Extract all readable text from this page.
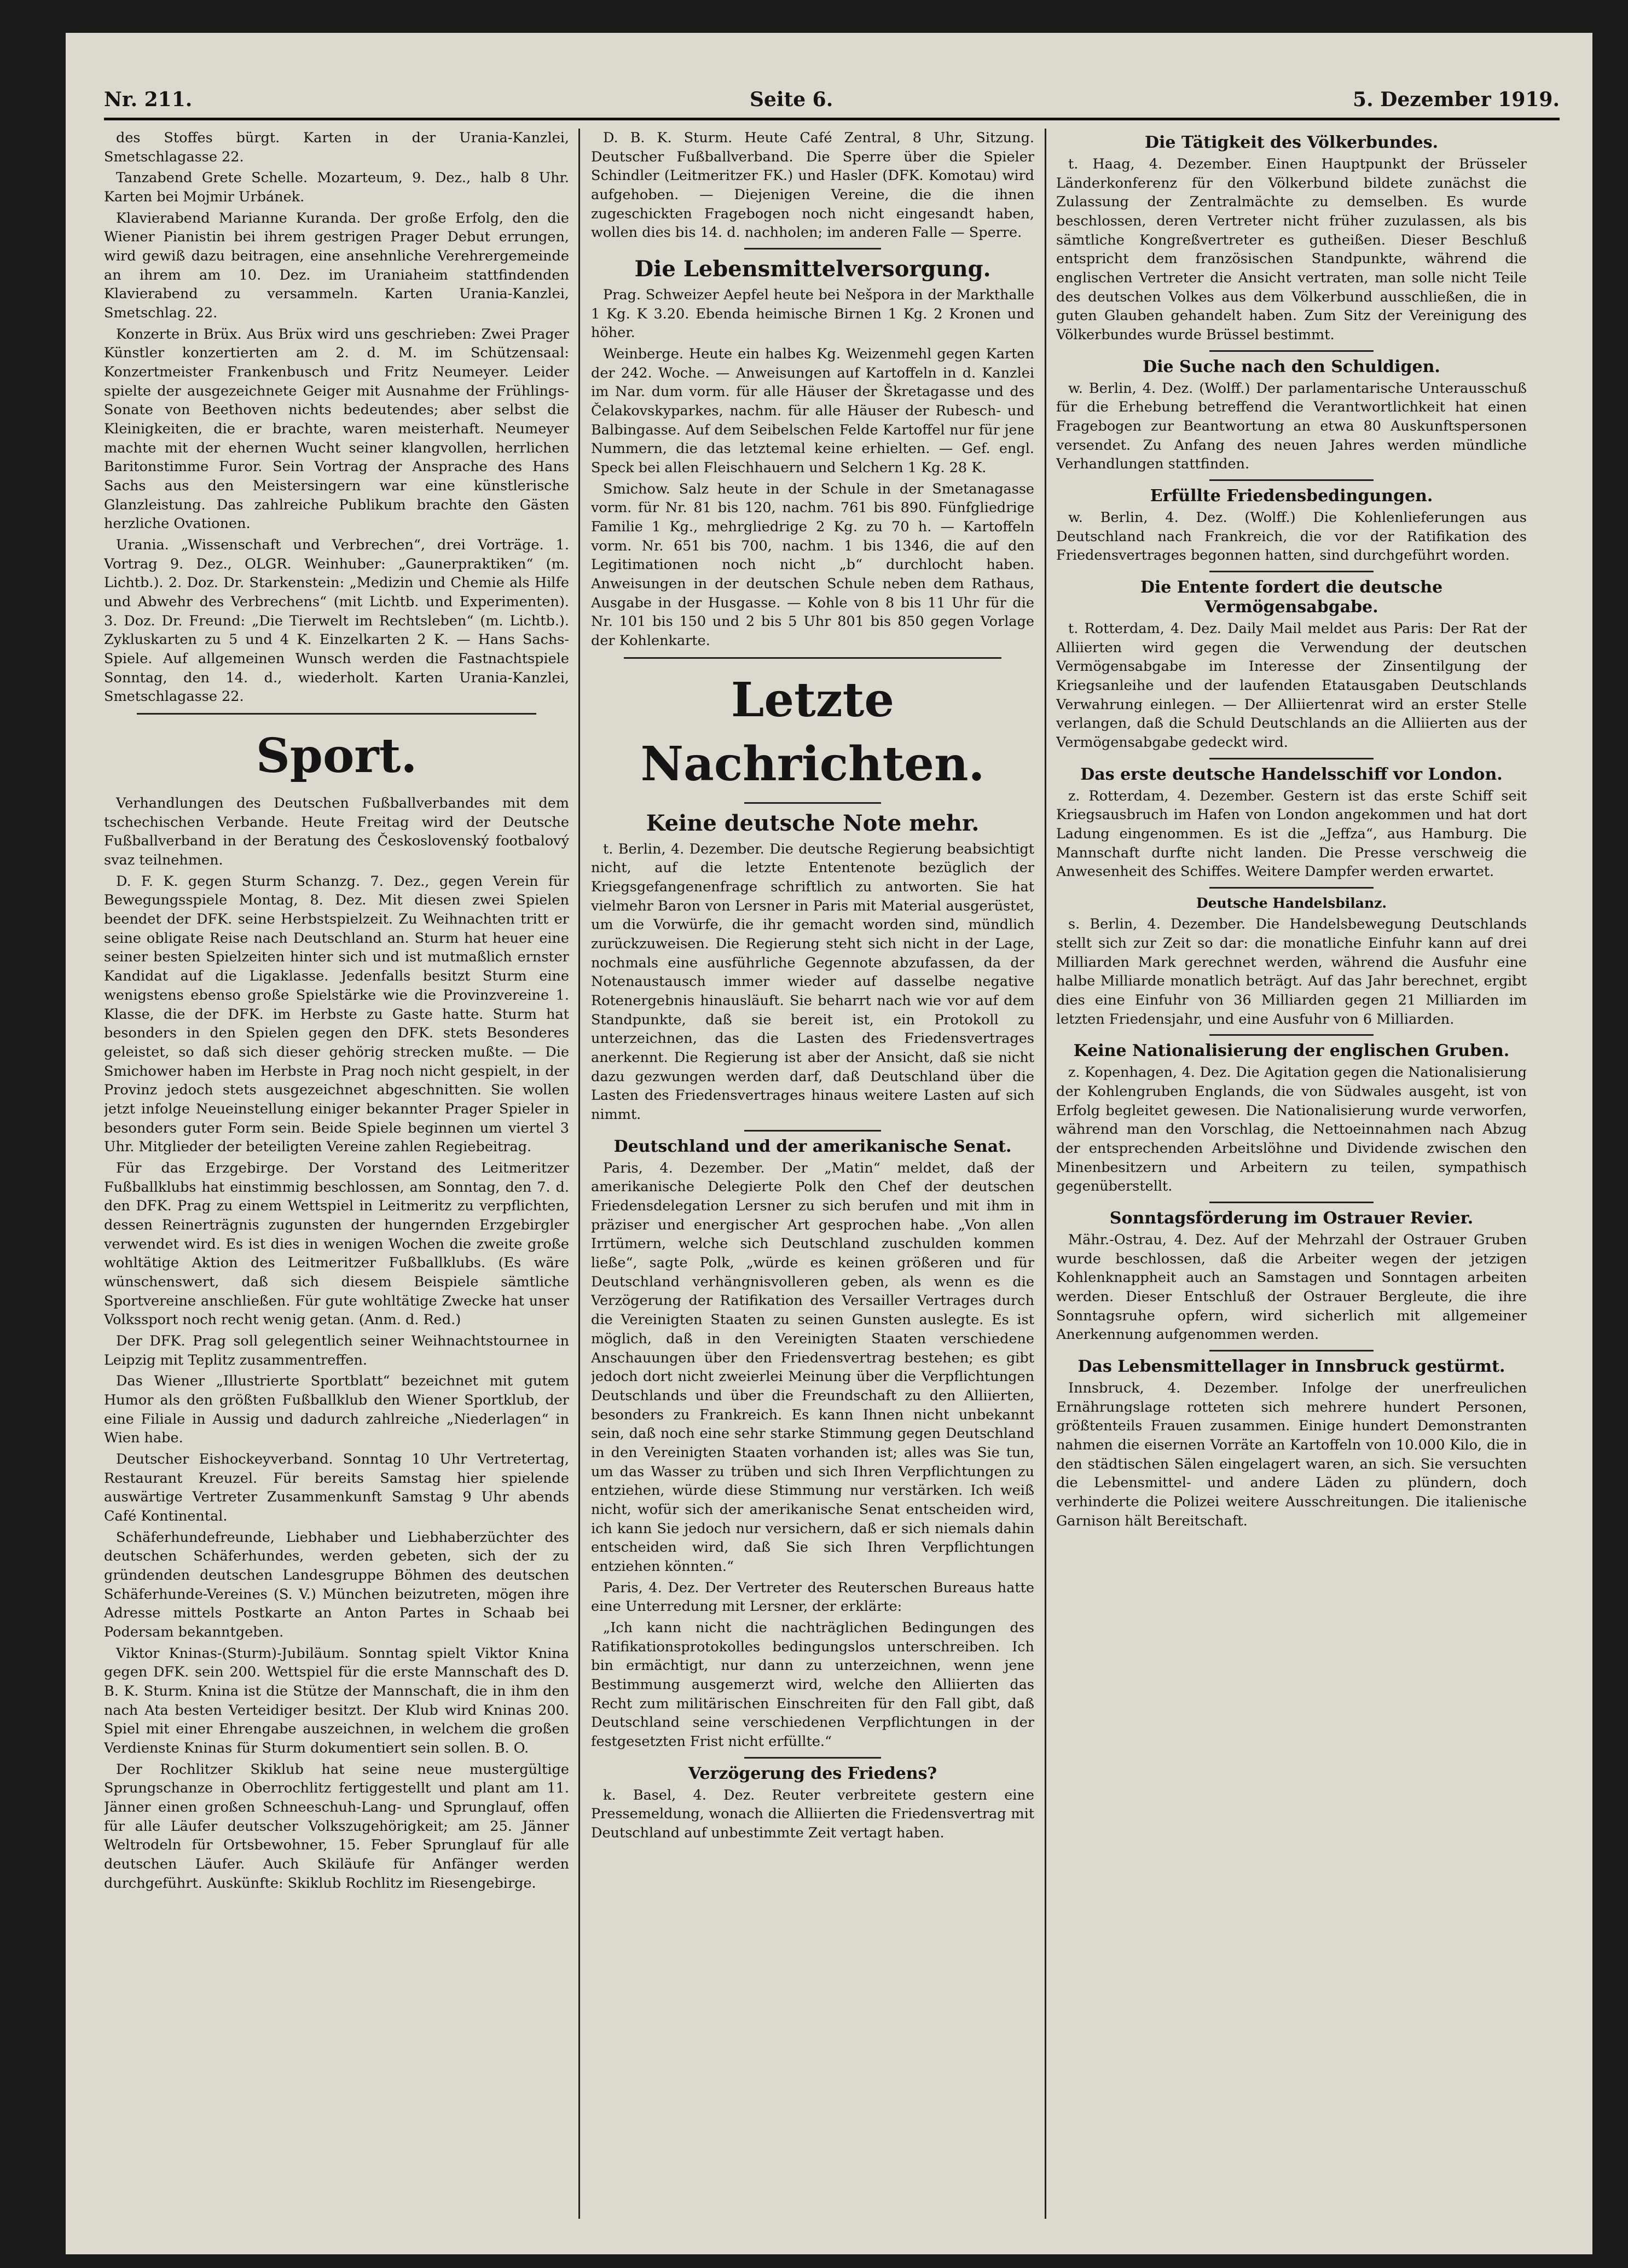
Nr. 211.	Seite 6.	5. Dezember 1919.

des Stoffes bürgt. Karten in der Urania-Kanzlei, Smetschlagasse 22.

Tanzabend Grete Schelle. Mozarteum, 9. Dez., halb 8 Uhr. Karten bei Mojmir Urbánek.

Klavierabend Marianne Kuranda. Der große Erfolg, den die Wiener Pianistin bei ihrem gestrigen Prager Debut errungen, wird gewiß dazu beitragen, eine ansehnliche Verehrergemeinde an ihrem am 10. Dez. im Uraniaheim stattfindenden Klavierabend zu versammeln. Karten Urania-Kanzlei, Smetschlag. 22.

Konzerte in Brüx. Aus Brüx wird uns geschrieben: Zwei Prager Künstler konzertierten am 2. d. M. im Schützensaal: Konzertmeister Frankenbusch und Fritz Neumeyer. Leider spielte der ausgezeichnete Geiger mit Ausnahme der Frühlings-Sonate von Beethoven nichts bedeutendes; aber selbst die Kleinigkeiten, die er brachte, waren meisterhaft. Neumeyer machte mit der ehernen Wucht seiner klangvollen, herrlichen Baritonstimme Furor. Sein Vortrag der Ansprache des Hans Sachs aus den Meistersingern war eine künstlerische Glanzleistung. Das zahlreiche Publikum brachte den Gästen herzliche Ovationen.

Urania. „Wissenschaft und Verbrechen“, drei Vorträge. 1. Vortrag 9. Dez., OLGR. Weinhuber: „Gaunerpraktiken“ (m. Lichtb.). 2. Doz. Dr. Starkenstein: „Medizin und Chemie als Hilfe und Abwehr des Verbrechens“ (mit Lichtb. und Experimenten). 3. Doz. Dr. Freund: „Die Tierwelt im Rechtsleben“ (m. Lichtb.). Zykluskarten zu 5 und 4 K. Einzelkarten 2 K. — Hans Sachs-Spiele. Auf allgemeinen Wunsch werden die Fastnachtspiele Sonntag, den 14. d., wiederholt. Karten Urania-Kanzlei, Smetschlagasse 22.

Sport.

Verhandlungen des Deutschen Fußballverbandes mit dem tschechischen Verbande. Heute Freitag wird der Deutsche Fußballverband in der Beratung des Československý footbalový svaz teilnehmen.

D. F. K. gegen Sturm Schanzg. 7. Dez., gegen Verein für Bewegungsspiele Montag, 8. Dez. Mit diesen zwei Spielen beendet der DFK. seine Herbstspielzeit. Zu Weihnachten tritt er seine obligate Reise nach Deutschland an. Sturm hat heuer eine seiner besten Spielzeiten hinter sich und ist mutmaßlich ernster Kandidat auf die Ligaklasse. Jedenfalls besitzt Sturm eine wenigstens ebenso große Spielstärke wie die Provinzvereine 1. Klasse, die der DFK. im Herbste zu Gaste hatte. Sturm hat besonders in den Spielen gegen den DFK. stets Besonderes geleistet, so daß sich dieser gehörig strecken mußte. — Die Smichower haben im Herbste in Prag noch nicht gespielt, in der Provinz jedoch stets ausgezeichnet abgeschnitten. Sie wollen jetzt infolge Neueinstellung einiger bekannter Prager Spieler in besonders guter Form sein. Beide Spiele beginnen um viertel 3 Uhr. Mitglieder der beteiligten Vereine zahlen Regiebeitrag.

Für das Erzgebirge. Der Vorstand des Leitmeritzer Fußballklubs hat einstimmig beschlossen, am Sonntag, den 7. d. den DFK. Prag zu einem Wettspiel in Leitmeritz zu verpflichten, dessen Reinerträgnis zugunsten der hungernden Erzgebirgler verwendet wird. Es ist dies in wenigen Wochen die zweite große wohltätige Aktion des Leitmeritzer Fußballklubs. (Es wäre wünschenswert, daß sich diesem Beispiele sämtliche Sportvereine anschließen. Für gute wohltätige Zwecke hat unser Volkssport noch recht wenig getan. (Anm. d. Red.)

Der DFK. Prag soll gelegentlich seiner Weihnachtstournee in Leipzig mit Teplitz zusammentreffen.

Das Wiener „Illustrierte Sportblatt“ bezeichnet mit gutem Humor als den größten Fußballklub den Wiener Sportklub, der eine Filiale in Aussig und dadurch zahlreiche „Niederlagen“ in Wien habe.

Deutscher Eishockeyverband. Sonntag 10 Uhr Vertretertag, Restaurant Kreuzel. Für bereits Samstag hier spielende auswärtige Vertreter Zusammenkunft Samstag 9 Uhr abends Café Kontinental.

Schäferhundefreunde, Liebhaber und Liebhaberzüchter des deutschen Schäferhundes, werden gebeten, sich der zu gründenden deutschen Landesgruppe Böhmen des deutschen Schäferhunde-Vereines (S. V.) München beizutreten, mögen ihre Adresse mittels Postkarte an Anton Partes in Schaab bei Podersam bekanntgeben.

Viktor Kninas-(Sturm)-Jubiläum. Sonntag spielt Viktor Knina gegen DFK. sein 200. Wettspiel für die erste Mannschaft des D. B. K. Sturm. Knina ist die Stütze der Mannschaft, die in ihm den nach Ata besten Verteidiger besitzt. Der Klub wird Kninas 200. Spiel mit einer Ehrengabe auszeichnen, in welchem die großen Verdienste Kninas für Sturm dokumentiert sein sollen. B. O.

Der Rochlitzer Skiklub hat seine neue mustergültige Sprungschanze in Oberrochlitz fertiggestellt und plant am 11. Jänner einen großen Schneeschuh-Lang- und Sprunglauf, offen für alle Läufer deutscher Volkszugehörigkeit; am 25. Jänner Weltrodeln für Ortsbewohner, 15. Feber Sprunglauf für alle deutschen Läufer. Auch Skiläufe für Anfänger werden durchgeführt. Auskünfte: Skiklub Rochlitz im Riesengebirge.

D. B. K. Sturm. Heute Café Zentral, 8 Uhr, Sitzung. Deutscher Fußballverband. Die Sperre über die Spieler Schindler (Leitmeritzer FK.) und Hasler (DFK. Komotau) wird aufgehoben. — Diejenigen Vereine, die die ihnen zugeschickten Fragebogen noch nicht eingesandt haben, wollen dies bis 14. d. nachholen; im anderen Falle — Sperre.

Die Lebensmittelversorgung.

Prag. Schweizer Aepfel heute bei Nešpora in der Markthalle 1 Kg. K 3.20. Ebenda heimische Birnen 1 Kg. 2 Kronen und höher.

Weinberge. Heute ein halbes Kg. Weizenmehl gegen Karten der 242. Woche. — Anweisungen auf Kartoffeln in d. Kanzlei im Nar. dum vorm. für alle Häuser der Škretagasse und des Čelakovskyparkes, nachm. für alle Häuser der Rubesch- und Balbingasse. Auf dem Seibelschen Felde Kartoffel nur für jene Nummern, die das letztemal keine erhielten. — Gef. engl. Speck bei allen Fleischhauern und Selchern 1 Kg. 28 K.

Smichow. Salz heute in der Schule in der Smetanagasse vorm. für Nr. 81 bis 120, nachm. 761 bis 890. Fünfgliedrige Familie 1 Kg., mehrgliedrige 2 Kg. zu 70 h. — Kartoffeln vorm. Nr. 651 bis 700, nachm. 1 bis 1346, die auf den Legitimationen noch nicht „b“ durchlocht haben. Anweisungen in der deutschen Schule neben dem Rathaus, Ausgabe in der Husgasse. — Kohle von 8 bis 11 Uhr für die Nr. 101 bis 150 und 2 bis 5 Uhr 801 bis 850 gegen Vorlage der Kohlenkarte.

Letzte Nachrichten.
Keine deutsche Note mehr.

t. Berlin, 4. Dezember. Die deutsche Regierung beabsichtigt nicht, auf die letzte Ententenote bezüglich der Kriegsgefangenenfrage schriftlich zu antworten. Sie hat vielmehr Baron von Lersner in Paris mit Material ausgerüstet, um die Vorwürfe, die ihr gemacht worden sind, mündlich zurückzuweisen. Die Regierung steht sich nicht in der Lage, nochmals eine ausführliche Gegennote abzufassen, da der Notenaustausch immer wieder auf dasselbe negative Rotenergebnis hinausläuft. Sie beharrt nach wie vor auf dem Standpunkte, daß sie bereit ist, ein Protokoll zu unterzeichnen, das die Lasten des Friedensvertrages anerkennt. Die Regierung ist aber der Ansicht, daß sie nicht dazu gezwungen werden darf, daß Deutschland über die Lasten des Friedensvertrages hinaus weitere Lasten auf sich nimmt.

Deutschland und der amerikanische Senat.

Paris, 4. Dezember. Der „Matin“ meldet, daß der amerikanische Delegierte Polk den Chef der deutschen Friedensdelegation Lersner zu sich berufen und mit ihm in präziser und energischer Art gesprochen habe. „Von allen Irrtümern, welche sich Deutschland zuschulden kommen ließe“, sagte Polk, „würde es keinen größeren und für Deutschland verhängnisvolleren geben, als wenn es die Verzögerung der Ratifikation des Versailler Vertrages durch die Vereinigten Staaten zu seinen Gunsten auslegte. Es ist möglich, daß in den Vereinigten Staaten verschiedene Anschauungen über den Friedensvertrag bestehen; es gibt jedoch dort nicht zweierlei Meinung über die Verpflichtungen Deutschlands und über die Freundschaft zu den Alliierten, besonders zu Frankreich. Es kann Ihnen nicht unbekannt sein, daß noch eine sehr starke Stimmung gegen Deutschland in den Vereinigten Staaten vorhanden ist; alles was Sie tun, um das Wasser zu trüben und sich Ihren Verpflichtungen zu entziehen, würde diese Stimmung nur verstärken. Ich weiß nicht, wofür sich der amerikanische Senat entscheiden wird, ich kann Sie jedoch nur versichern, daß er sich niemals dahin entscheiden wird, daß Sie sich Ihren Verpflichtungen entziehen könnten.“

Paris, 4. Dez. Der Vertreter des Reuterschen Bureaus hatte eine Unterredung mit Lersner, der erklärte:

„Ich kann nicht die nachträglichen Bedingungen des Ratifikationsprotokolles bedingungslos unterschreiben. Ich bin ermächtigt, nur dann zu unterzeichnen, wenn jene Bestimmung ausgemerzt wird, welche den Alliierten das Recht zum militärischen Einschreiten für den Fall gibt, daß Deutschland seine verschiedenen Verpflichtungen in der festgesetzten Frist nicht erfüllte.“

Verzögerung des Friedens?

k. Basel, 4. Dez. Reuter verbreitete gestern eine Pressemeldung, wonach die Alliierten die Friedensvertrag mit Deutschland auf unbestimmte Zeit vertagt haben.

Die Tätigkeit des Völkerbundes.

t. Haag, 4. Dezember. Einen Hauptpunkt der Brüsseler Länderkonferenz für den Völkerbund bildete zunächst die Zulassung der Zentralmächte zu demselben. Es wurde beschlossen, deren Vertreter nicht früher zuzulassen, als bis sämtliche Kongreßvertreter es gutheißen. Dieser Beschluß entspricht dem französischen Standpunkte, während die englischen Vertreter die Ansicht vertraten, man solle nicht Teile des deutschen Volkes aus dem Völkerbund ausschließen, die in guten Glauben gehandelt haben. Zum Sitz der Vereinigung des Völkerbundes wurde Brüssel bestimmt.

Die Suche nach den Schuldigen.

w. Berlin, 4. Dez. (Wolff.) Der parlamentarische Unterausschuß für die Erhebung betreffend die Verantwortlichkeit hat einen Fragebogen zur Beantwortung an etwa 80 Auskunftspersonen versendet. Zu Anfang des neuen Jahres werden mündliche Verhandlungen stattfinden.

Erfüllte Friedensbedingungen.

w. Berlin, 4. Dez. (Wolff.) Die Kohlenlieferungen aus Deutschland nach Frankreich, die vor der Ratifikation des Friedensvertrages begonnen hatten, sind durchgeführt worden.

Die Entente fordert die deutsche Vermögensabgabe.

t. Rotterdam, 4. Dez. Daily Mail meldet aus Paris: Der Rat der Alliierten wird gegen die Verwendung der deutschen Vermögensabgabe im Interesse der Zinsentilgung der Kriegsanleihe und der laufenden Etatausgaben Deutschlands Verwahrung einlegen. — Der Alliiertenrat wird an erster Stelle verlangen, daß die Schuld Deutschlands an die Alliierten aus der Vermögensabgabe gedeckt wird.

Das erste deutsche Handelsschiff vor London.

z. Rotterdam, 4. Dezember. Gestern ist das erste Schiff seit Kriegsausbruch im Hafen von London angekommen und hat dort Ladung eingenommen. Es ist die „Jeffza“, aus Hamburg. Die Mannschaft durfte nicht landen. Die Presse verschweig die Anwesenheit des Schiffes. Weitere Dampfer werden erwartet.

Deutsche Handelsbilanz.

s. Berlin, 4. Dezember. Die Handelsbewegung Deutschlands stellt sich zur Zeit so dar: die monatliche Einfuhr kann auf drei Milliarden Mark gerechnet werden, während die Ausfuhr eine halbe Milliarde monatlich beträgt. Auf das Jahr berechnet, ergibt dies eine Einfuhr von 36 Milliarden gegen 21 Milliarden im letzten Friedensjahr, und eine Ausfuhr von 6 Milliarden.

Keine Nationalisierung der englischen Gruben.

z. Kopenhagen, 4. Dez. Die Agitation gegen die Nationalisierung der Kohlengruben Englands, die von Südwales ausgeht, ist von Erfolg begleitet gewesen. Die Nationalisierung wurde verworfen, während man den Vorschlag, die Nettoeinnahmen nach Abzug der entsprechenden Arbeitslöhne und Dividende zwischen den Minenbesitzern und Arbeitern zu teilen, sympathisch gegenüberstellt.

Sonntagsförderung im Ostrauer Revier.

Mähr.-Ostrau, 4. Dez. Auf der Mehrzahl der Ostrauer Gruben wurde beschlossen, daß die Arbeiter wegen der jetzigen Kohlenknappheit auch an Samstagen und Sonntagen arbeiten werden. Dieser Entschluß der Ostrauer Bergleute, die ihre Sonntagsruhe opfern, wird sicherlich mit allgemeiner Anerkennung aufgenommen werden.

Das Lebensmittellager in Innsbruck gestürmt.

Innsbruck, 4. Dezember. Infolge der unerfreulichen Ernährungslage rotteten sich mehrere hundert Personen, größtenteils Frauen zusammen. Einige hundert Demonstranten nahmen die eisernen Vorräte an Kartoffeln von 10.000 Kilo, die in den städtischen Sälen eingelagert waren, an sich. Sie versuchten die Lebensmittel- und andere Läden zu plündern, doch verhinderte die Polizei weitere Ausschreitungen. Die italienische Garnison hält Bereitschaft.
